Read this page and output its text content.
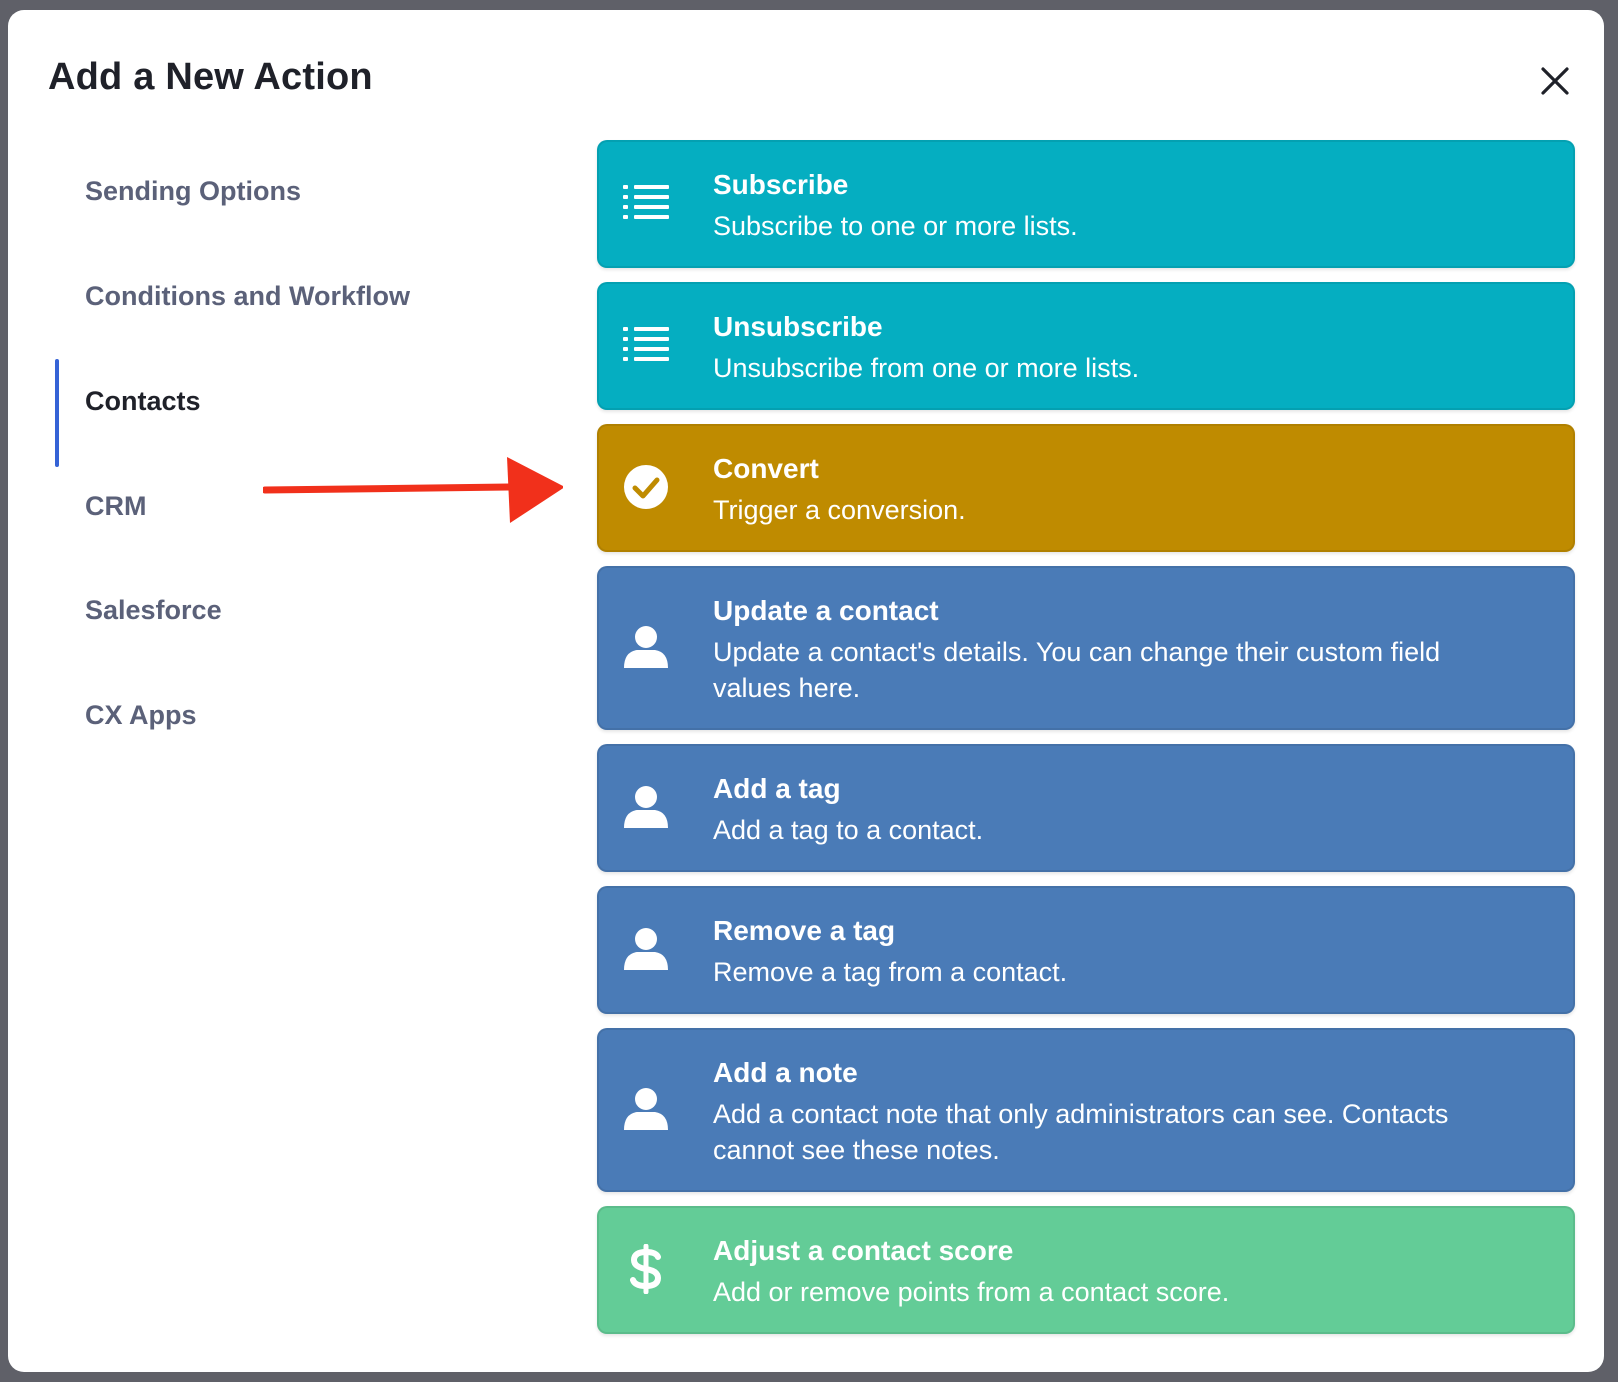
Add a New Action
Sending Options
Conditions and Workflow
Contacts
CRM
Salesforce
CX Apps
Subscribe
Subscribe to one or more lists.
Unsubscribe
Unsubscribe from one or more lists.
Convert
Trigger a conversion.
Update a contact
Update a contact's details. You can change their custom field values here.
Add a tag
Add a tag to a contact.
Remove a tag
Remove a tag from a contact.
Add a note
Add a contact note that only administrators can see. Contacts cannot see these notes.
Adjust a contact score
Add or remove points from a contact score.
